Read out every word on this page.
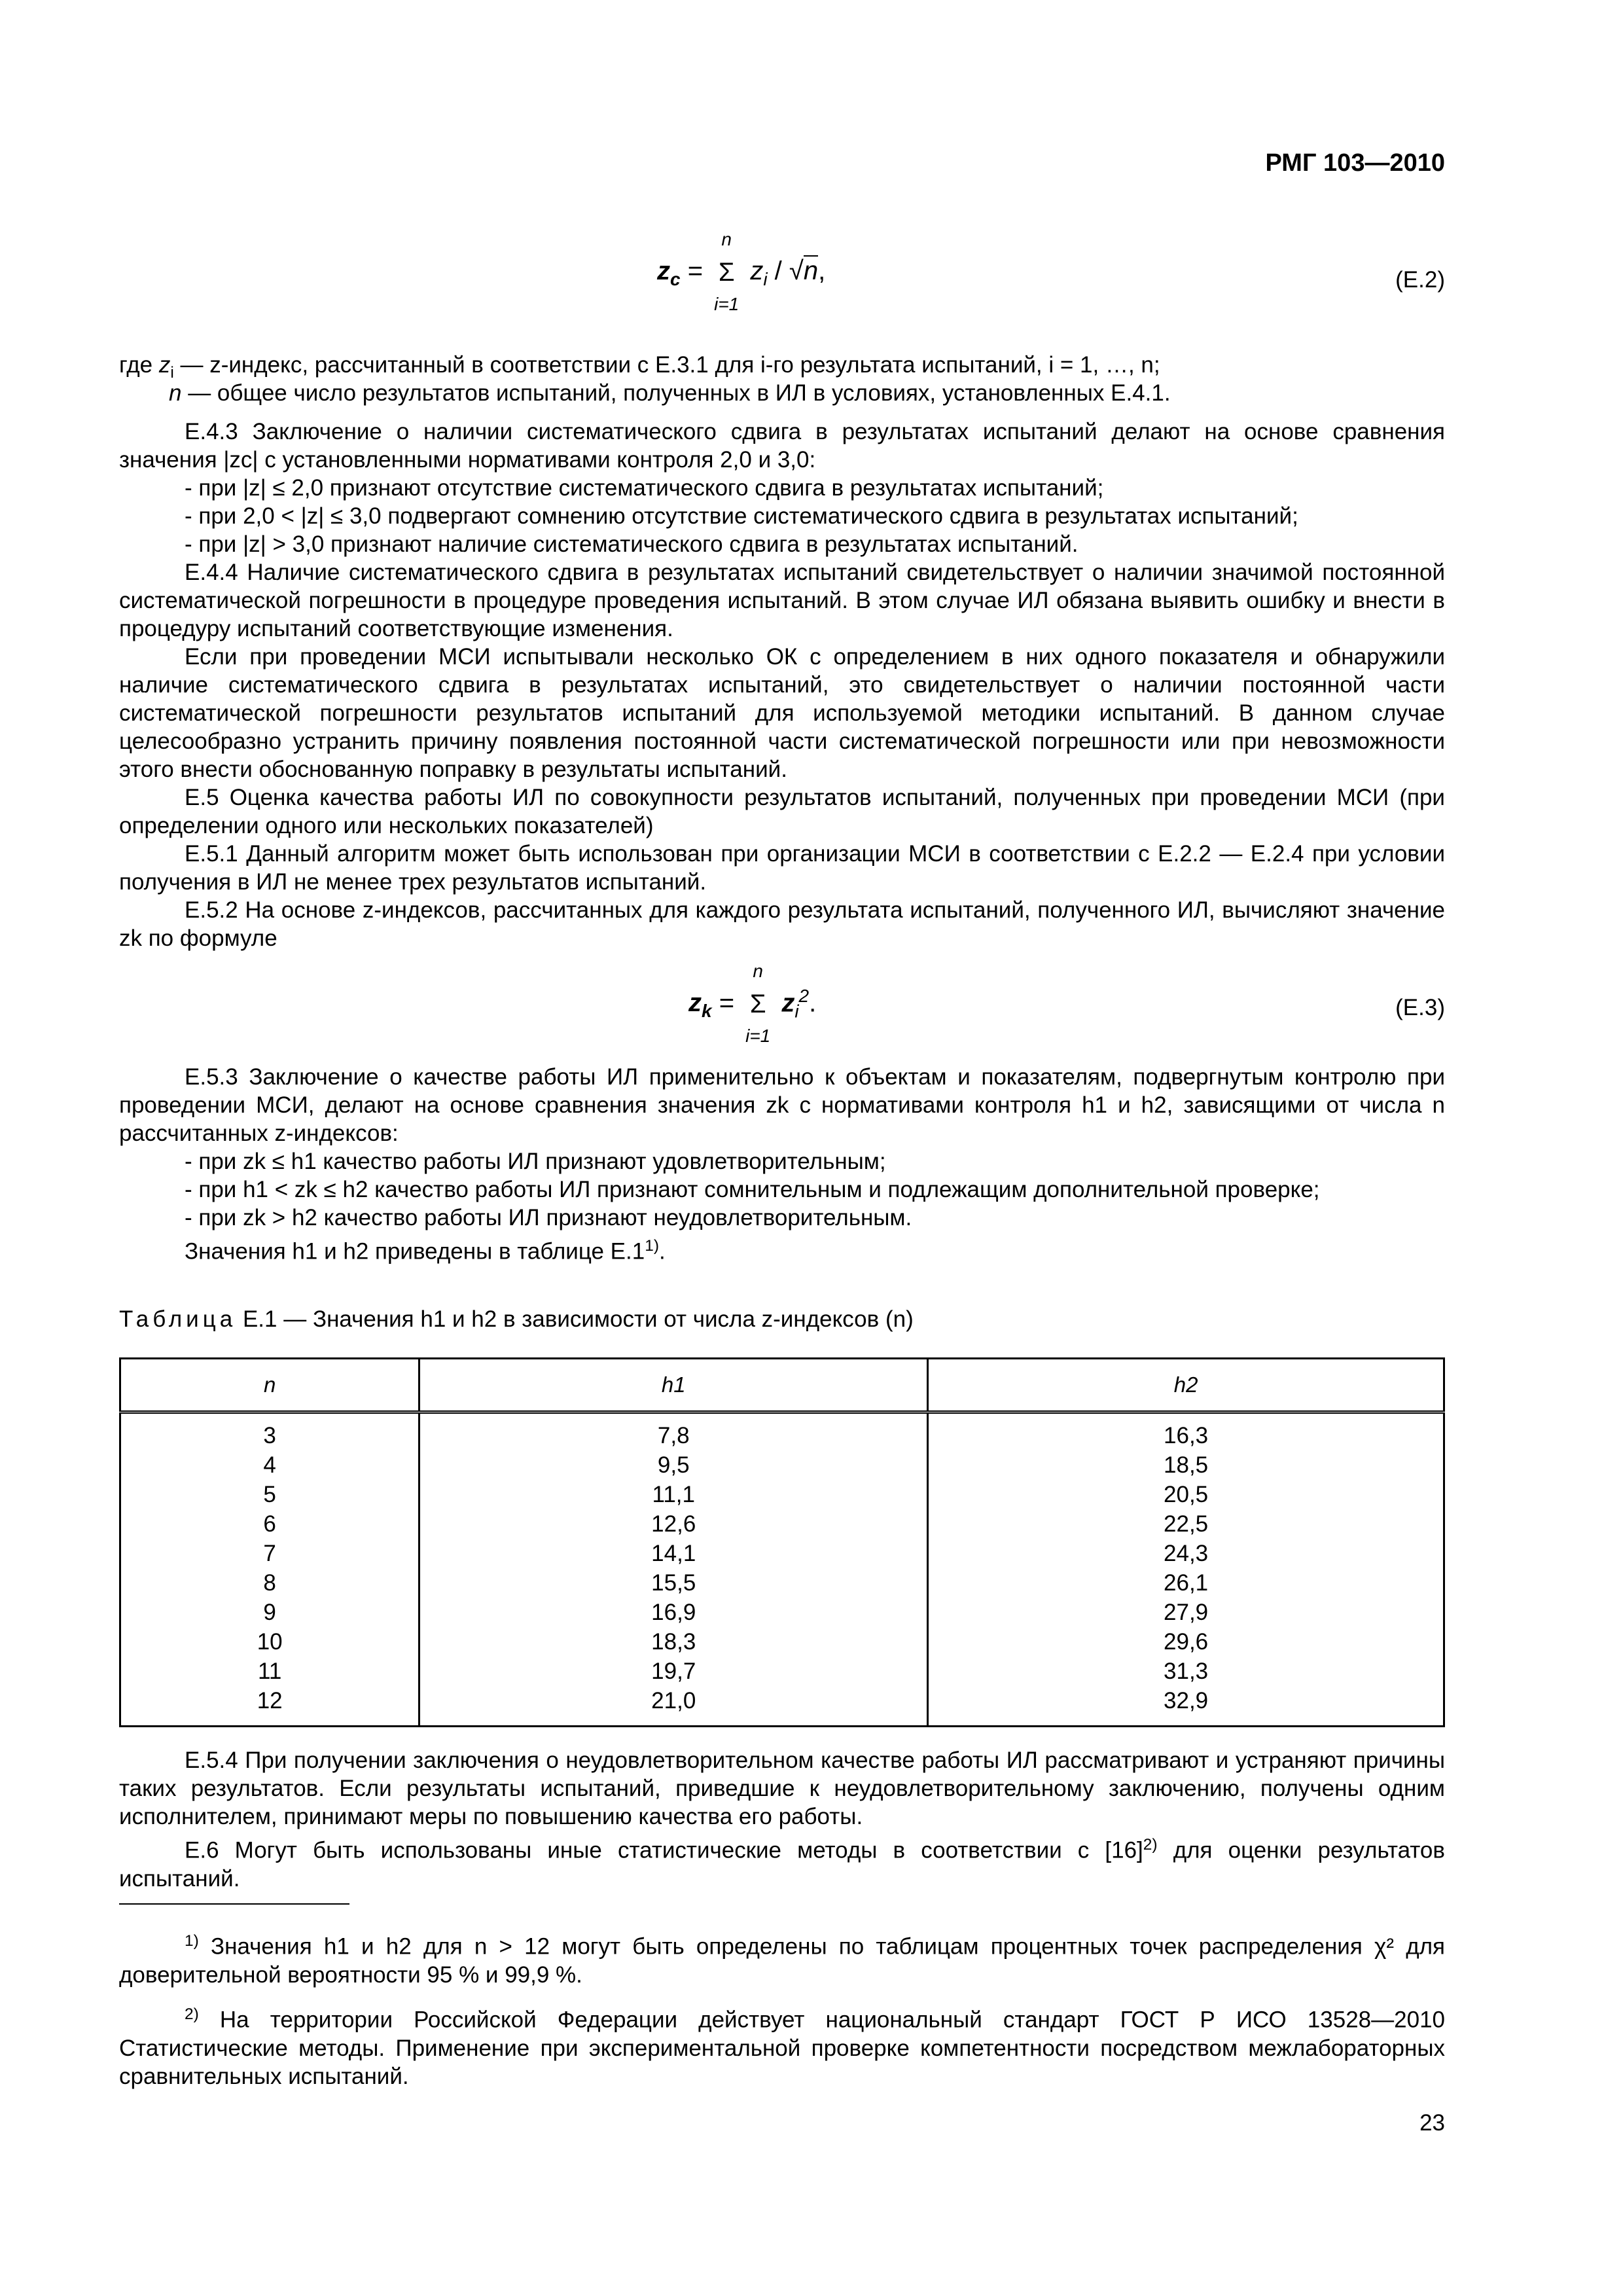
РМГ 103—2010
$z_c$ =
n
Σ
i=1
$z_i / √n$,	(Е.2)
где $z_i$ — z-индекс, рассчитанный в соответствии с Е.3.1 для i-го результата испытаний, i = 1, …, n;
n — общее число результатов испытаний, полученных в ИЛ в условиях, установленных Е.4.1.
Е.4.3 Заключение о наличии систематического сдвига в результатах испытаний делают на основе сравнения значения |zc| с установленными нормативами контроля 2,0 и 3,0:
- при |z| ≤ 2,0 признают отсутствие систематического сдвига в результатах испытаний;
- при 2,0 < |z| ≤ 3,0 подвергают сомнению отсутствие систематического сдвига в результатах испытаний;
- при |z| > 3,0 признают наличие систематического сдвига в результатах испытаний.
Е.4.4 Наличие систематического сдвига в результатах испытаний свидетельствует о наличии значимой постоянной систематической погрешности в процедуре проведения испытаний. В этом случае ИЛ обязана выявить ошибку и внести в процедуру испытаний соответствующие изменения.
Если при проведении МСИ испытывали несколько ОК с определением в них одного показателя и обнаружили наличие систематического сдвига в результатах испытаний, это свидетельствует о наличии постоянной части систематической погрешности результатов испытаний для используемой методики испытаний. В данном случае целесообразно устранить причину появления постоянной части систематической погрешности или при невозможности этого внести обоснованную поправку в результаты испытаний.
Е.5 Оценка качества работы ИЛ по совокупности результатов испытаний, полученных при проведении МСИ (при определении одного или нескольких показателей)
Е.5.1 Данный алгоритм может быть использован при организации МСИ в соответствии с Е.2.2 — Е.2.4 при условии получения в ИЛ не менее трех результатов испытаний.
Е.5.2 На основе z-индексов, рассчитанных для каждого результата испытаний, полученного ИЛ, вычисляют значение zk по формуле
$z_k$ =
n
Σ
i=1
$z_i^2$.	(Е.3)
Е.5.3 Заключение о качестве работы ИЛ применительно к объектам и показателям, подвергнутым контролю при проведении МСИ, делают на основе сравнения значения zk с нормативами контроля h1 и h2, зависящими от числа n рассчитанных z-индексов:
- при zk ≤ h1 качество работы ИЛ признают удовлетворительным;
- при h1 < zk ≤ h2 качество работы ИЛ признают сомнительным и подлежащим дополнительной проверке;
- при zk > h2 качество работы ИЛ признают неудовлетворительным.
Значения h1 и h2 приведены в таблице Е.1$^{1)}$.
Таблица Е.1 — Значения h1 и h2 в зависимости от числа z-индексов (n)
n	h1	h2
3	7,8	16,3
4	9,5	18,5
5	11,1	20,5
6	12,6	22,5
7	14,1	24,3
8	15,5	26,1
9	16,9	27,9
10	18,3	29,6
11	19,7	31,3
12	21,0	32,9
Е.5.4 При получении заключения о неудовлетворительном качестве работы ИЛ рассматривают и устраняют причины таких результатов. Если результаты испытаний, приведшие к неудовлетворительному заключению, получены одним исполнителем, принимают меры по повышению качества его работы.
Е.6 Могут быть использованы иные статистические методы в соответствии с $[16]^{2)}$ для оценки результатов испытаний.
$^{1)}$ Значения h1 и h2 для n > 12 могут быть определены по таблицам процентных точек распределения χ² для доверительной вероятности 95 % и 99,9 %.
$^{2)}$ На территории Российской Федерации действует национальный стандарт ГОСТ Р ИСО 13528—2010 Статистические методы. Применение при экспериментальной проверке компетентности посредством межлабораторных сравнительных испытаний.
23
